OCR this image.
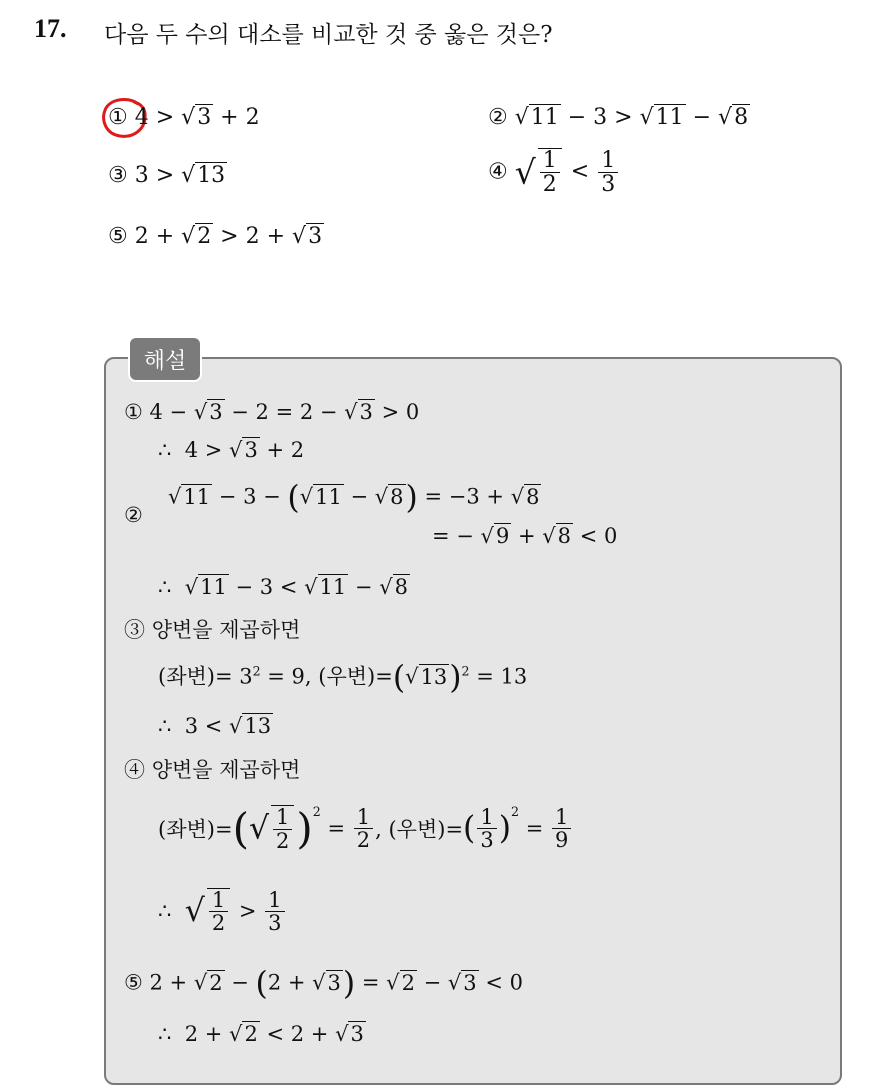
17. 다음 두 수의 대소를 비교한 것 중 옳은 것은?
① 4 > √3 + 2	② √11 − 3 > √11 − √8
③ 3 > √13	④ √ $\frac{1}{2} < \frac{1}{3}$
⑤ 2 + √2 > 2 + √3
해설
① 4 − √3 − 2 = 2 − √3 > 0
∴ 4 > √3 + 2
②
√11 − 3 − (√11 − √8) = −3 + √8
= − √9 + √8 < 0
∴  √11 − 3 < √11 − √8
③ 양변을 제곱하면
(좌변)= $3^2 = 9$, (우변)$=(√13)^2 = 13$
∴ 3 < √13
④ 양변을 제곱하면
(좌변)=(√ $\frac{1}{2} )^2 = \frac{1}{2}$ , (우변)=( $\frac{1}{3} )^2 = \frac{1}{9}$
∴ √ $\frac{1}{2} > \frac{1}{3}$
⑤ 2 + √2 − (2 + √3) = √2 − √3 < 0
∴ 2 + √2 < 2 + √3
